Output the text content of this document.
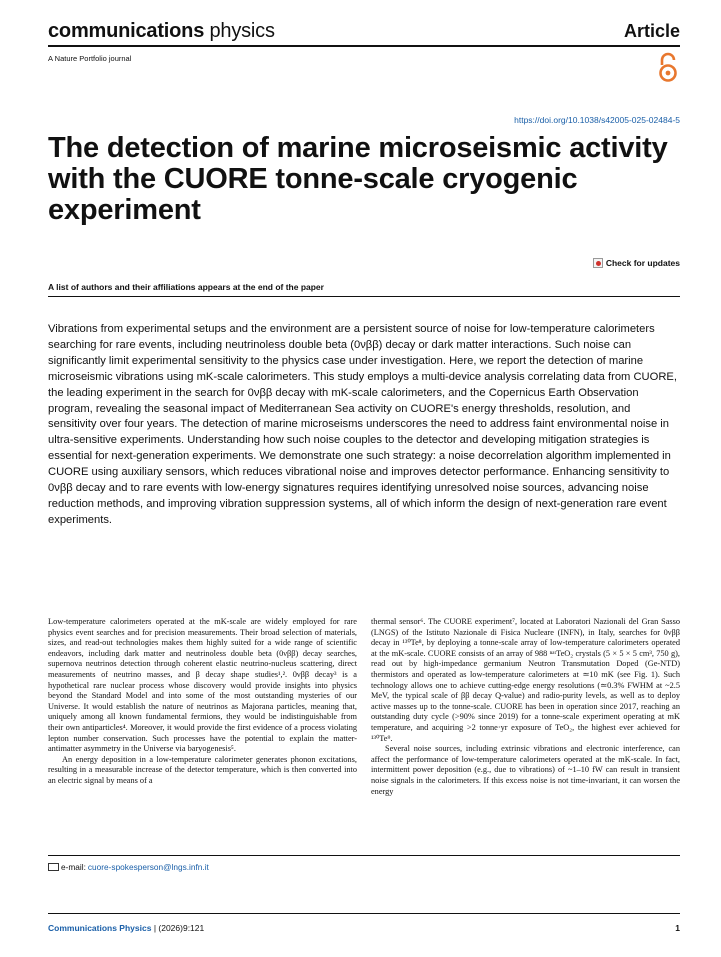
communications physics	Article
A Nature Portfolio journal
https://doi.org/10.1038/s42005-025-02484-5
The detection of marine microseismic activity with the CUORE tonne-scale cryogenic experiment
Check for updates
A list of authors and their affiliations appears at the end of the paper

Vibrations from experimental setups and the environment are a persistent source of noise for low-temperature calorimeters searching for rare events, including neutrinoless double beta (0νββ) decay or dark matter interactions. Such noise can significantly limit experimental sensitivity to the physics case under investigation. Here, we report the detection of marine microseismic vibrations using mK-scale calorimeters. This study employs a multi-device analysis correlating data from CUORE, the leading experiment in the search for 0νββ decay with mK-scale calorimeters, and the Copernicus Earth Observation program, revealing the seasonal impact of Mediterranean Sea activity on CUORE's energy thresholds, resolution, and sensitivity over four years. The detection of marine microseisms underscores the need to address faint environmental noise in ultra-sensitive experiments. Understanding how such noise couples to the detector and developing mitigation strategies is essential for next-generation experiments. We demonstrate one such strategy: a noise decorrelation algorithm implemented in CUORE using auxiliary sensors, which reduces vibrational noise and improves detector performance. Enhancing sensitivity to 0νββ decay and to rare events with low-energy signatures requires identifying unresolved noise sources, advancing noise reduction methods, and improving vibration suppression systems, all of which inform the design of next-generation rare event experiments.

Low-temperature calorimeters operated at the mK-scale are widely employed for rare physics event searches and for precision measurements. Their broad selection of materials, sizes, and read-out technologies makes them highly suited for a wide range of scientific endeavors, including dark matter and neutrinoless double beta (0νββ) decay searches, supernova neutrinos detection through coherent elastic neutrino-nucleus scattering, direct measurements of neutrino masses, and β decay shape studies¹,². 0νββ decay³ is a hypothetical rare nuclear process whose discovery would provide insights into physics beyond the Standard Model and into some of the most outstanding mysteries of our Universe. It would establish the nature of neutrinos as Majorana particles, meaning that, uniquely among all known fundamental fermions, they would be indistinguishable from their own antiparticles⁴. Moreover, it would provide the first evidence of a process violating lepton number conservation. Such processes have the potential to explain the matter-antimatter asymmetry in the Universe via baryogenesis⁵.

An energy deposition in a low-temperature calorimeter generates phonon excitations, resulting in a measurable increase of the detector temperature, which is then converted into an electric signal by means of a

thermal sensor⁶. The CUORE experiment⁷, located at Laboratori Nazionali del Gran Sasso (LNGS) of the Istituto Nazionale di Fisica Nucleare (INFN), in Italy, searches for 0νββ decay in ¹³⁰Te⁸, by deploying a tonne-scale array of low-temperature calorimeters operated at the mK-scale. CUORE consists of an array of 988 ⁿᵃᵗTeO₂ crystals (5 × 5 × 5 cm³, 750 g), read out by high-impedance germanium Neutron Transmutation Doped (Ge-NTD) thermistors and operated as low-temperature calorimeters at ≃10 mK (see Fig. 1). Such technology allows one to achieve cutting-edge energy resolutions (≃0.3% FWHM at ~2.5 MeV, the typical scale of ββ decay Q-value) and radio-purity levels, as well as to deploy active masses up to the tonne-scale. CUORE has been in operation since 2017, reaching an outstanding duty cycle (>90% since 2019) for a tonne-scale experiment operating at mK temperature, and acquiring >2 tonne·yr exposure of TeO₂, the highest ever achieved for ¹³⁰Te⁹.

Several noise sources, including extrinsic vibrations and electronic interference, can affect the performance of low-temperature calorimeters operated at the mK-scale. In fact, intermittent power deposition (e.g., due to vibrations) of ~1–10 fW can result in transient noise signals in the calorimeters. If this excess noise is not time-invariant, it can worsen the energy

e-mail: cuore-spokesperson@lngs.infn.it
Communications Physics | (2026)9:121	1
